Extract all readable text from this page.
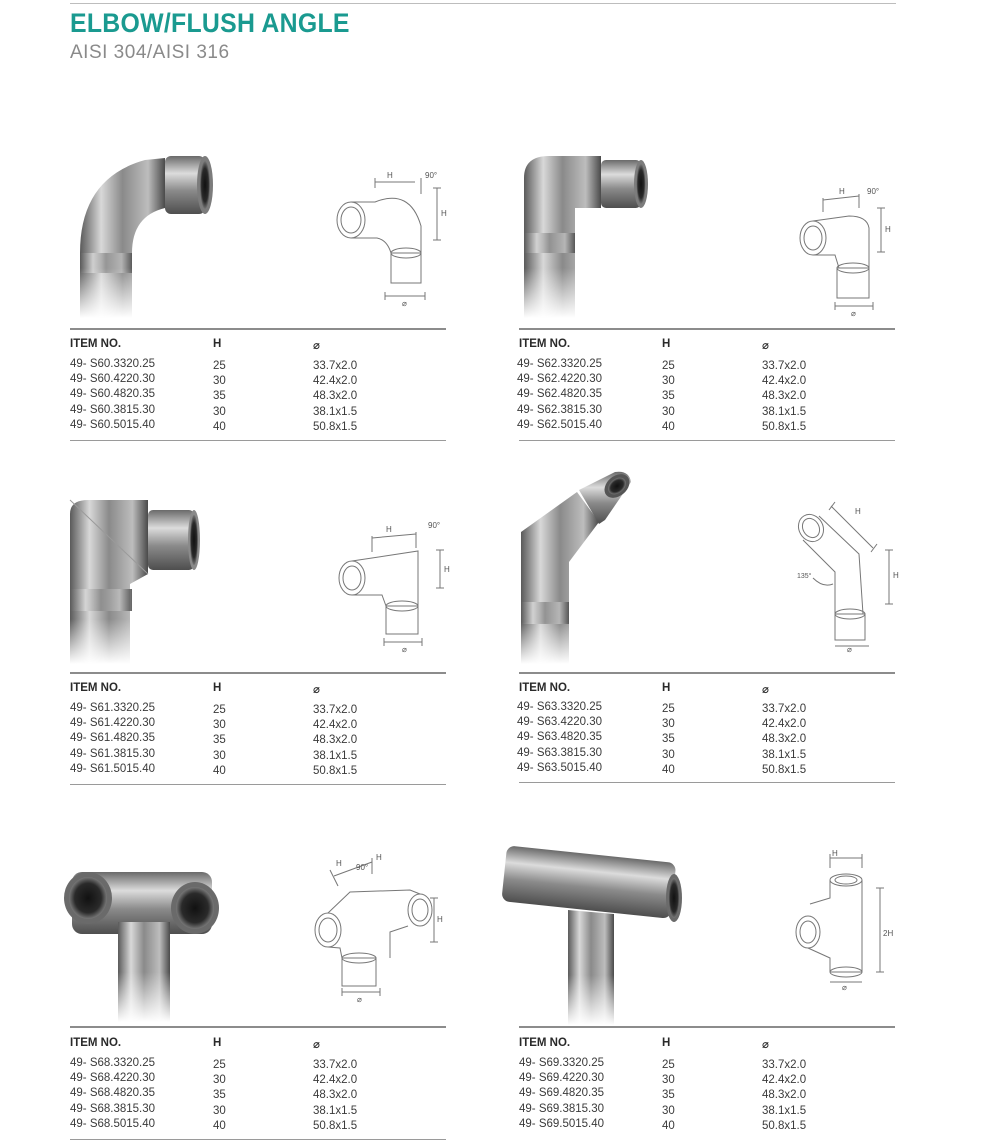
ELBOW/FLUSH ANGLE
AISI 304/AISI 316
H	90°
H
⌀
ITEM NO.	H	⌀
49- S60.3320.25	25	33.7x2.0
49- S60.4220.30	30	42.4x2.0
49- S60.4820.35	35	48.3x2.0
49- S60.3815.30	30	38.1x1.5
49- S60.5015.40	40	50.8x1.5
H	90°
H
⌀
ITEM NO.	H	⌀
49- S62.3320.25	25	33.7x2.0
49- S62.4220.30	30	42.4x2.0
49- S62.4820.35	35	48.3x2.0
49- S62.3815.30	30	38.1x1.5
49- S62.5015.40	40	50.8x1.5
H	90°
H
⌀
ITEM NO.	H	⌀
49- S61.3320.25	25	33.7x2.0
49- S61.4220.30	30	42.4x2.0
49- S61.4820.35	35	48.3x2.0
49- S61.3815.30	30	38.1x1.5
49- S61.5015.40	40	50.8x1.5
H
H
135°
⌀
ITEM NO.	H	⌀
49- S63.3320.25	25	33.7x2.0
49- S63.4220.30	30	42.4x2.0
49- S63.4820.35	35	48.3x2.0
49- S63.3815.30	30	38.1x1.5
49- S63.5015.40	40	50.8x1.5
H 90°
H
H
⌀
ITEM NO.	H	⌀
49- S68.3320.25	25	33.7x2.0
49- S68.4220.30	30	42.4x2.0
49- S68.4820.35	35	48.3x2.0
49- S68.3815.30	30	38.1x1.5
49- S68.5015.40	40	50.8x1.5
H
2H
⌀
ITEM NO.	H	⌀
49- S69.3320.25	25	33.7x2.0
49- S69.4220.30	30	42.4x2.0
49- S69.4820.35	35	48.3x2.0
49- S69.3815.30	30	38.1x1.5
49- S69.5015.40	40	50.8x1.5
